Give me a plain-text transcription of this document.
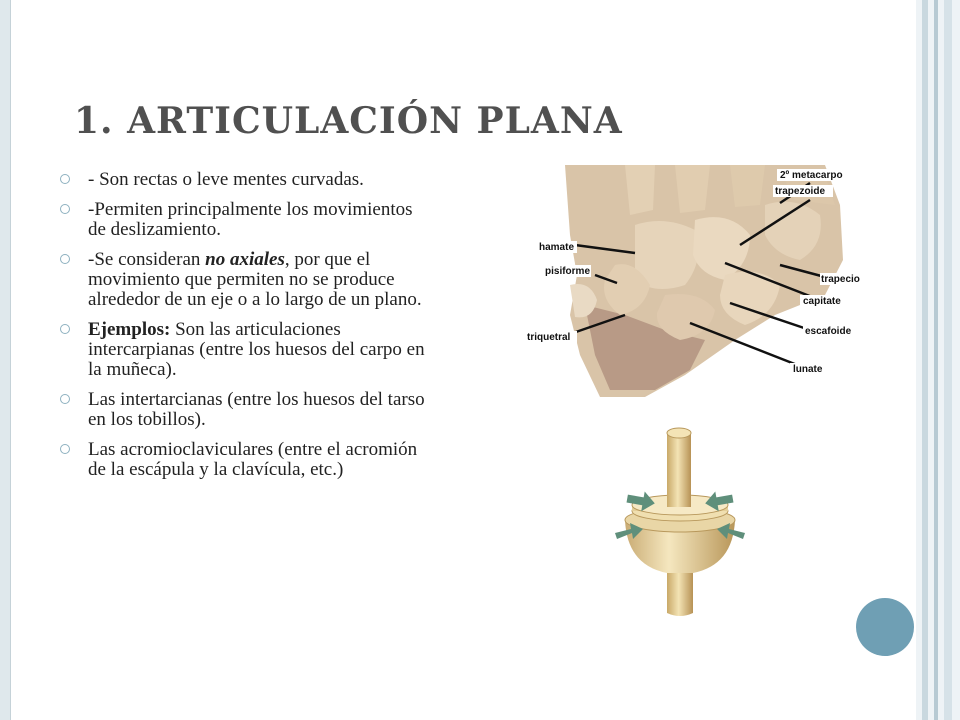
1. ARTICULACIÓN PLANA
- Son rectas o leve mentes curvadas.
-Permiten principalmente los movimientos de deslizamiento.
-Se consideran no axiales, por que el movimiento que permiten no se produce alrededor de un eje o a lo largo de un plano.
Ejemplos: Son las articulaciones intercarpianas (entre los huesos del carpo en la muñeca).
Las intertarcianas (entre los huesos del tarso en los tobillos).
Las acromioclaviculares (entre el acromión de la escápula y la clavícula, etc.)
2º metacarpo
trapezoide
hamate
pisiforme
trapecio
capitate
escafoide
triquetral
lunate
